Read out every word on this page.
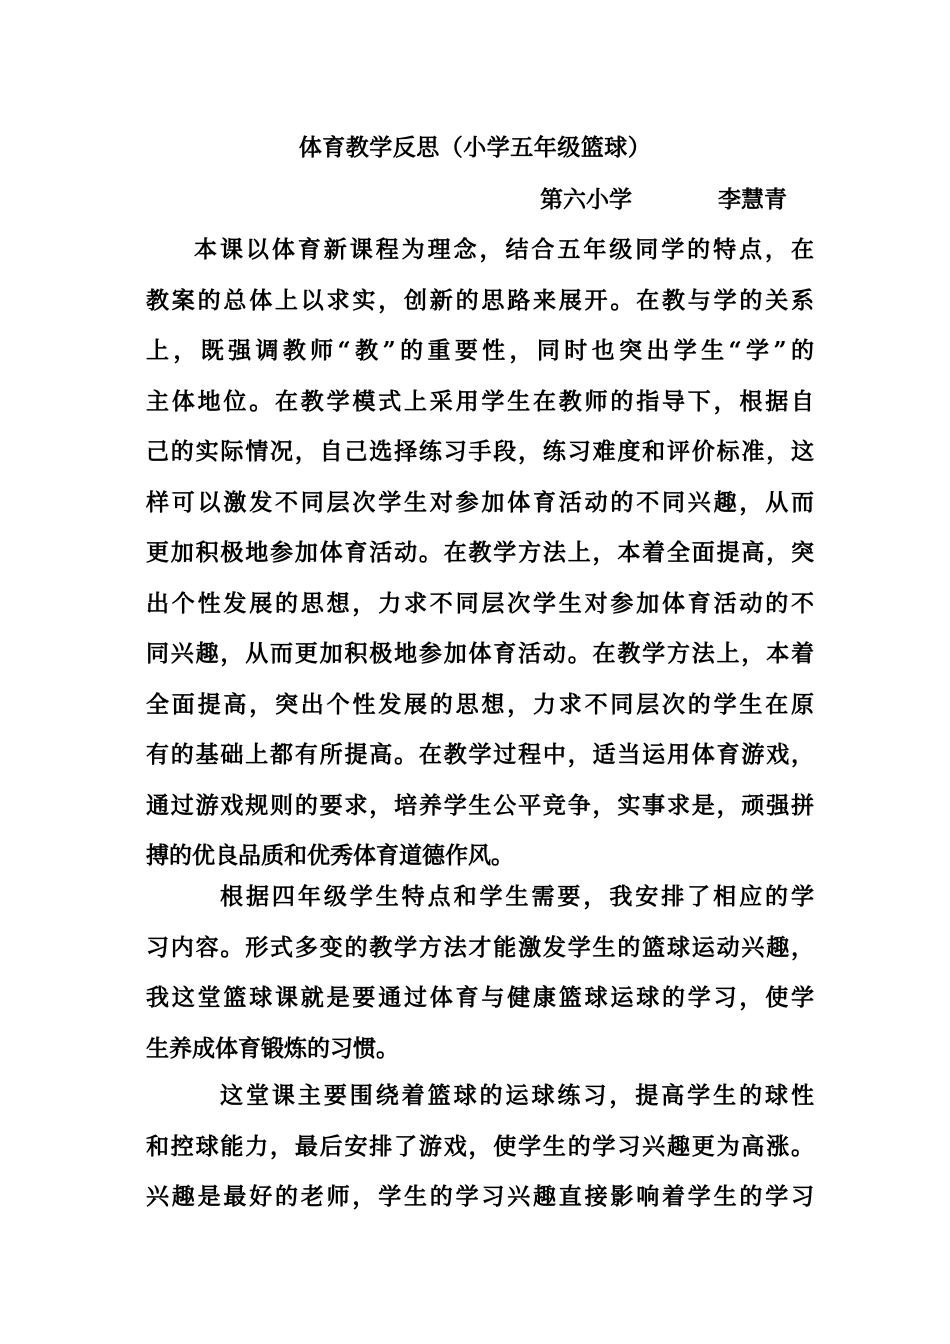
体育教学反思（小学五年级篮球）
第六小学	李慧青
本课以体育新课程为理念，结合五年级同学的特点，在
教案的总体上以求实，创新的思路来展开。在教与学的关系
上，既强调教师“教”的重要性，同时也突出学生“学”的
主体地位。在教学模式上采用学生在教师的指导下，根据自
己的实际情况，自己选择练习手段，练习难度和评价标准，这
样可以激发不同层次学生对参加体育活动的不同兴趣，从而
更加积极地参加体育活动。在教学方法上，本着全面提高，突
出个性发展的思想，力求不同层次学生对参加体育活动的不
同兴趣，从而更加积极地参加体育活动。在教学方法上，本着
全面提高，突出个性发展的思想，力求不同层次的学生在原
有的基础上都有所提高。在教学过程中，适当运用体育游戏，
通过游戏规则的要求，培养学生公平竞争，实事求是，顽强拼
搏的优良品质和优秀体育道德作风。
根据四年级学生特点和学生需要，我安排了相应的学
习内容。形式多变的教学方法才能激发学生的篮球运动兴趣，
我这堂篮球课就是要通过体育与健康篮球运球的学习，使学
生养成体育锻炼的习惯。
这堂课主要围绕着篮球的运球练习，提高学生的球性
和控球能力，最后安排了游戏，使学生的学习兴趣更为高涨。
兴趣是最好的老师，学生的学习兴趣直接影响着学生的学习
